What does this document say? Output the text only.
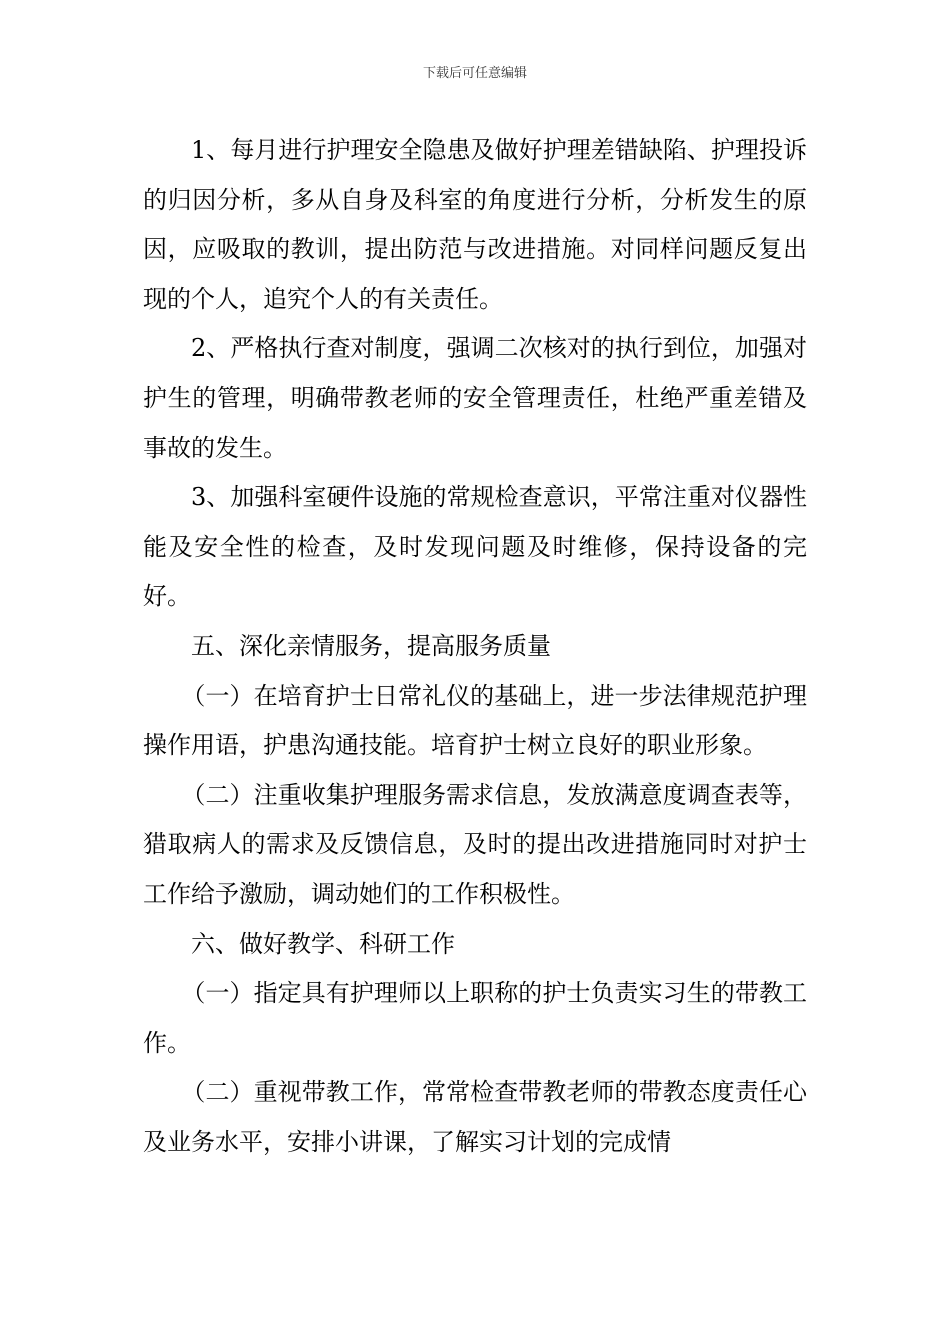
下载后可任意编辑

1、每月进行护理安全隐患及做好护理差错缺陷、护理投诉的归因分析，多从自身及科室的角度进行分析，分析发生的原因，应吸取的教训，提出防范与改进措施。对同样问题反复出现的个人，追究个人的有关责任。

2、严格执行查对制度，强调二次核对的执行到位，加强对护生的管理，明确带教老师的安全管理责任，杜绝严重差错及事故的发生。

3、加强科室硬件设施的常规检查意识，平常注重对仪器性能及安全性的检查，及时发现问题及时维修，保持设备的完好。

五、深化亲情服务，提高服务质量

（一）在培育护士日常礼仪的基础上，进一步法律规范护理操作用语，护患沟通技能。培育护士树立良好的职业形象。

（二）注重收集护理服务需求信息，发放满意度调查表等，猎取病人的需求及反馈信息，及时的提出改进措施同时对护士工作给予激励，调动她们的工作积极性。

六、做好教学、科研工作

（一）指定具有护理师以上职称的护士负责实习生的带教工作。

（二）重视带教工作，常常检查带教老师的带教态度责任心及业务水平，安排小讲课，了解实习计划的完成情
